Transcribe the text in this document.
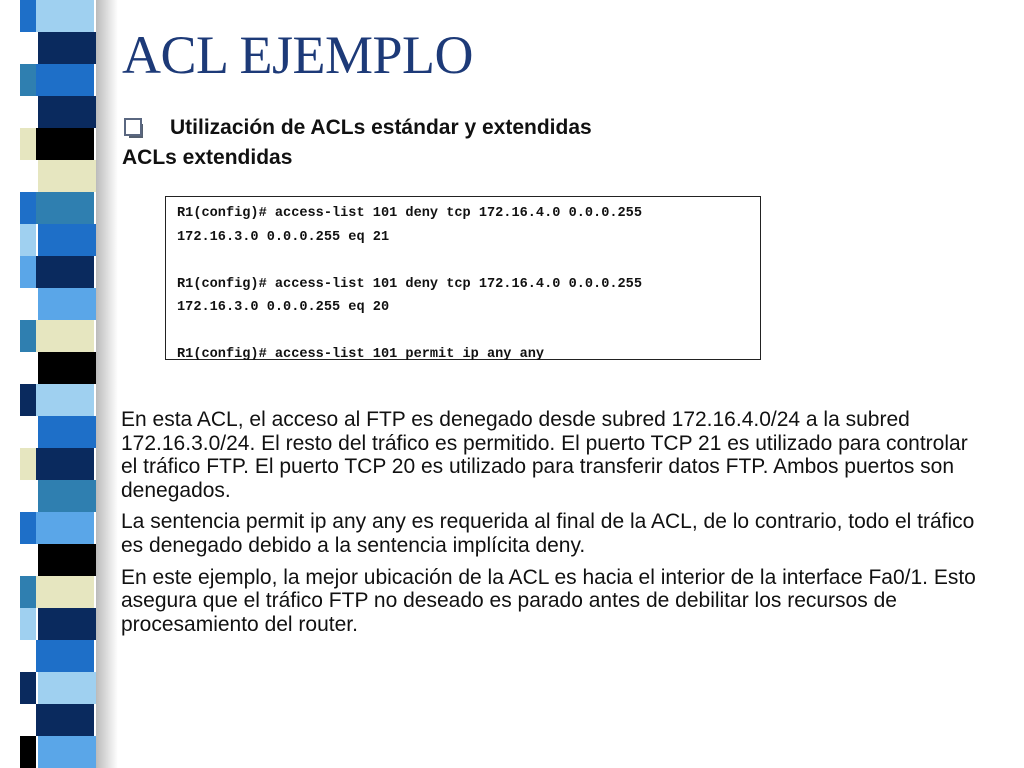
ACL EJEMPLO
Utilización de ACLs estándar y extendidas
ACLs extendidas
R1(config)# access-list 101 deny tcp 172.16.4.0 0.0.0.255
172.16.3.0 0.0.0.255 eq 21
R1(config)# access-list 101 deny tcp 172.16.4.0 0.0.0.255
172.16.3.0 0.0.0.255 eq 20
R1(config)# access-list 101 permit ip any any

En esta ACL, el acceso al FTP es denegado desde subred 172.16.4.0/24 a la subred 172.16.3.0/24. El resto del tráfico es permitido. El puerto TCP 21 es utilizado para controlar el tráfico FTP. El puerto TCP 20 es utilizado para transferir datos FTP. Ambos puertos son denegados.

La sentencia permit ip any any es requerida al final de la ACL, de lo contrario, todo el tráfico es denegado debido a la sentencia implícita deny.

En este ejemplo, la mejor ubicación de la ACL es hacia el interior de la interface Fa0/1. Esto asegura que el tráfico FTP no deseado es parado antes de debilitar los recursos de procesamiento del router.
